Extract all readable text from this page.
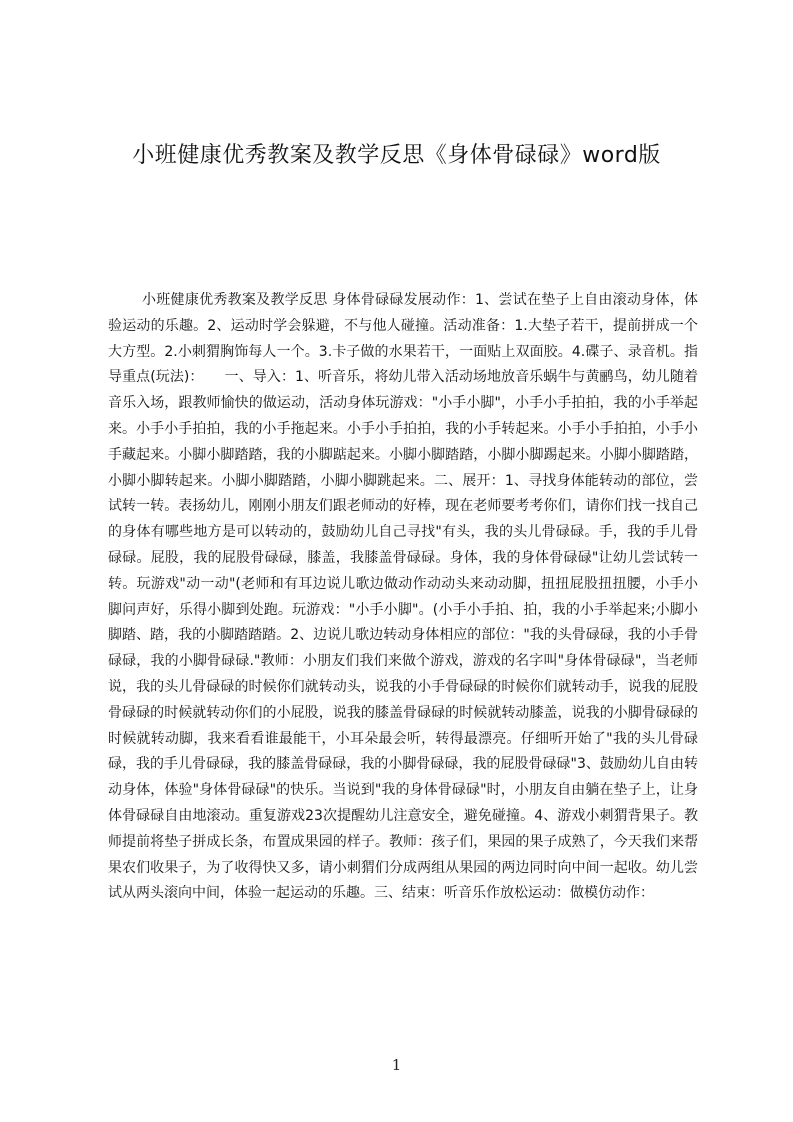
小班健康优秀教案及教学反思《身体骨碌碌》word版
小班健康优秀教案及教学反思 身体骨碌碌发展动作：1、尝试在垫子上自由滚动身体，体验运动的乐趣。2、运动时学会躲避，不与他人碰撞。活动准备：1.大垫子若干，提前拼成一个大方型。2.小刺猬胸饰每人一个。3.卡子做的水果若干，一面贴上双面胶。4.碟子、录音机。指导重点(玩法)：　　一、导入：1、听音乐，将幼儿带入活动场地放音乐蜗牛与黄鹂鸟，幼儿随着音乐入场，跟教师愉快的做运动，活动身体玩游戏："小手小脚"，小手小手拍拍，我的小手举起来。小手小手拍拍，我的小手拖起来。小手小手拍拍，我的小手转起来。小手小手拍拍，小手小手藏起来。小脚小脚踏踏，我的小脚踮起来。小脚小脚踏踏，小脚小脚踢起来。小脚小脚踏踏，小脚小脚转起来。小脚小脚踏踏，小脚小脚跳起来。二、展开：1、寻找身体能转动的部位，尝试转一转。表扬幼儿，刚刚小朋友们跟老师动的好棒，现在老师要考考你们，请你们找一找自己的身体有哪些地方是可以转动的，鼓励幼儿自己寻找"有头，我的头儿骨碌碌。手，我的手儿骨碌碌。屁股，我的屁股骨碌碌，膝盖，我膝盖骨碌碌。身体，我的身体骨碌碌"让幼儿尝试转一转。玩游戏"动一动"(老师和有耳边说儿歌边做动作动动头来动动脚，扭扭屁股扭扭腰，小手小脚问声好，乐得小脚到处跑。玩游戏："小手小脚"。(小手小手拍、拍，我的小手举起来;小脚小脚踏、踏，我的小脚踏踏踏。2、边说儿歌边转动身体相应的部位："我的头骨碌碌，我的小手骨碌碌，我的小脚骨碌碌."教师：小朋友们我们来做个游戏，游戏的名字叫"身体骨碌碌"，当老师说，我的头儿骨碌碌的时候你们就转动头，说我的小手骨碌碌的时候你们就转动手，说我的屁股骨碌碌的时候就转动你们的小屁股，说我的膝盖骨碌碌的时候就转动膝盖，说我的小脚骨碌碌的时候就转动脚，我来看看谁最能干，小耳朵最会听，转得最漂亮。仔细听开始了"我的头儿骨碌碌，我的手儿骨碌碌，我的膝盖骨碌碌，我的小脚骨碌碌，我的屁股骨碌碌"3、鼓励幼儿自由转动身体，体验"身体骨碌碌"的快乐。当说到"我的身体骨碌碌"时，小朋友自由躺在垫子上，让身体骨碌碌自由地滚动。重复游戏23次提醒幼儿注意安全，避免碰撞。4、游戏小刺猬背果子。教师提前将垫子拼成长条，布置成果园的样子。教师：孩子们，果园的果子成熟了，今天我们来帮果农们收果子，为了收得快又多，请小刺猬们分成两组从果园的两边同时向中间一起收。幼儿尝试从两头滚向中间，体验一起运动的乐趣。三、结束：听音乐作放松运动：做模仿动作：
1
